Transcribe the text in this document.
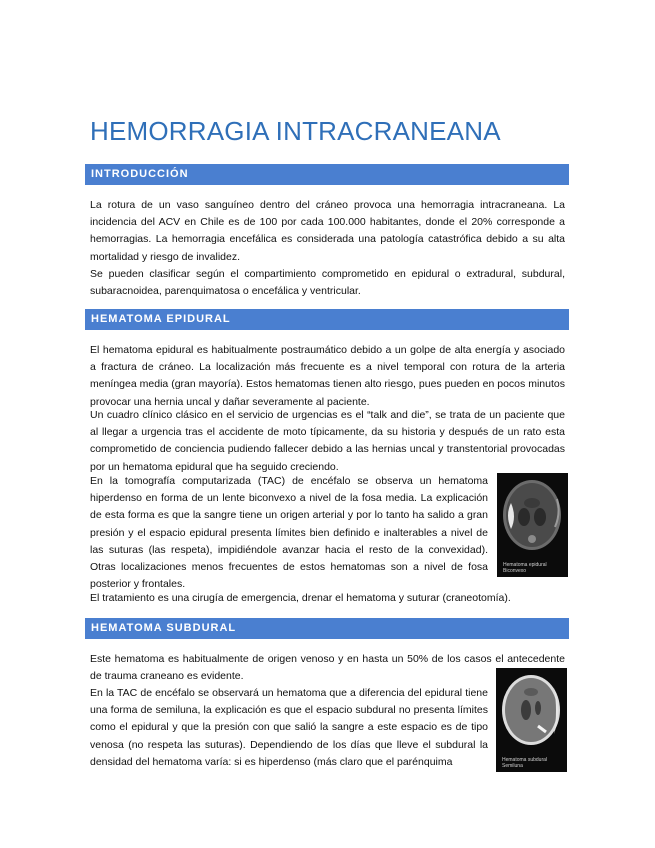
HEMORRAGIA INTRACRANEANA
INTRODUCCIÓN

La rotura de un vaso sanguíneo dentro del cráneo provoca una hemorragia intracraneana. La incidencia del ACV en Chile es de 100 por cada 100.000 habitantes, donde el 20% corresponde a hemorragias. La hemorragia encefálica es considerada una patología catastrófica debido a su alta mortalidad y riesgo de invalidez.

Se pueden clasificar según el compartimiento comprometido en epidural o extradural, subdural, subaracnoidea, parenquimatosa o encefálica y ventricular.

HEMATOMA EPIDURAL

El hematoma epidural es habitualmente postraumático debido a un golpe de alta energía y asociado a fractura de cráneo. La localización más frecuente es a nivel temporal con rotura de la arteria meníngea media (gran mayoría). Estos hematomas tienen alto riesgo, pues pueden en pocos minutos provocar una hernia uncal y dañar severamente al paciente.

Un cuadro clínico clásico en el servicio de urgencias es el “talk and die”, se trata de un paciente que al llegar a urgencia tras el accidente de moto típicamente, da su historia y después de un rato esta comprometido de conciencia pudiendo fallecer debido a las hernias uncal y transtentorial provocadas por un hematoma epidural que ha seguido creciendo.

En la tomografía computarizada (TAC) de encéfalo se observa un hematoma hiperdenso en forma de un lente biconvexo a nivel de la fosa media. La explicación de esta forma es que la sangre tiene un origen arterial y por lo tanto ha salido a gran presión y el espacio epidural presenta límites bien definido e inalterables a nivel de las suturas (las respeta), impidiéndole avanzar hacia el resto de la convexidad). Otras localizaciones menos frecuentes de estos hematomas son a nivel de fosa posterior y frontales.

El tratamiento es una cirugía de emergencia, drenar el hematoma y suturar (craneotomía).

Hematoma epidural Biconvexo
HEMATOMA SUBDURAL

Este hematoma es habitualmente de origen venoso y en hasta un 50% de los casos el antecedente de trauma craneano es evidente.

En la TAC de encéfalo se observará un hematoma que a diferencia del epidural tiene una forma de semiluna, la explicación es que el espacio subdural no presenta límites como el epidural y que la presión con que salió la sangre a este espacio es de tipo venosa (no respeta las suturas). Dependiendo de los días que lleve el subdural la densidad del hematoma varía: si es hiperdenso (más claro que el parénquima	Hematoma subdural Semiluna
